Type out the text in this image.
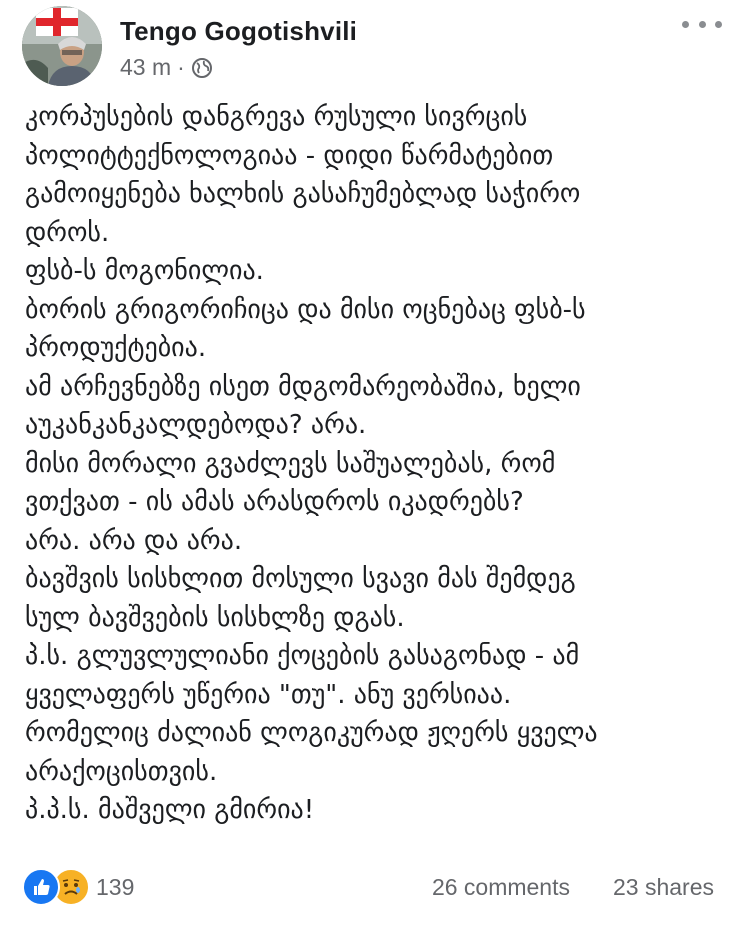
Tengo Gogotishvili
43 m ·
კორპუსების დანგრევა რუსული სივრცის
პოლიტტექნოლოგიაა - დიდი წარმატებით
გამოიყენება ხალხის გასაჩუმებლად საჭირო
დროს.
ფსბ-ს მოგონილია.
ბორის გრიგორიჩიცა და მისი ოცნებაც ფსბ-ს
პროდუქტებია.
ამ არჩევნებზე ისეთ მდგომარეობაშია, ხელი
აუკანკანკალდებოდა? არა.
მისი მორალი გვაძლევს საშუალებას, რომ
ვთქვათ - ის ამას არასდროს იკადრებს?
არა. არა და არა.
ბავშვის სისხლით მოსული სვავი მას შემდეგ
სულ ბავშვების სისხლზე დგას.
პ.ს. გლუვლულიანი ქოცების გასაგონად - ამ
ყველაფერს უწერია "თუ". ანუ ვერსიაა.
რომელიც ძალიან ლოგიკურად ჟღერს ყველა
არაქოცისთვის.
პ.პ.ს. მაშველი გმირია!
139	26 comments 23 shares
